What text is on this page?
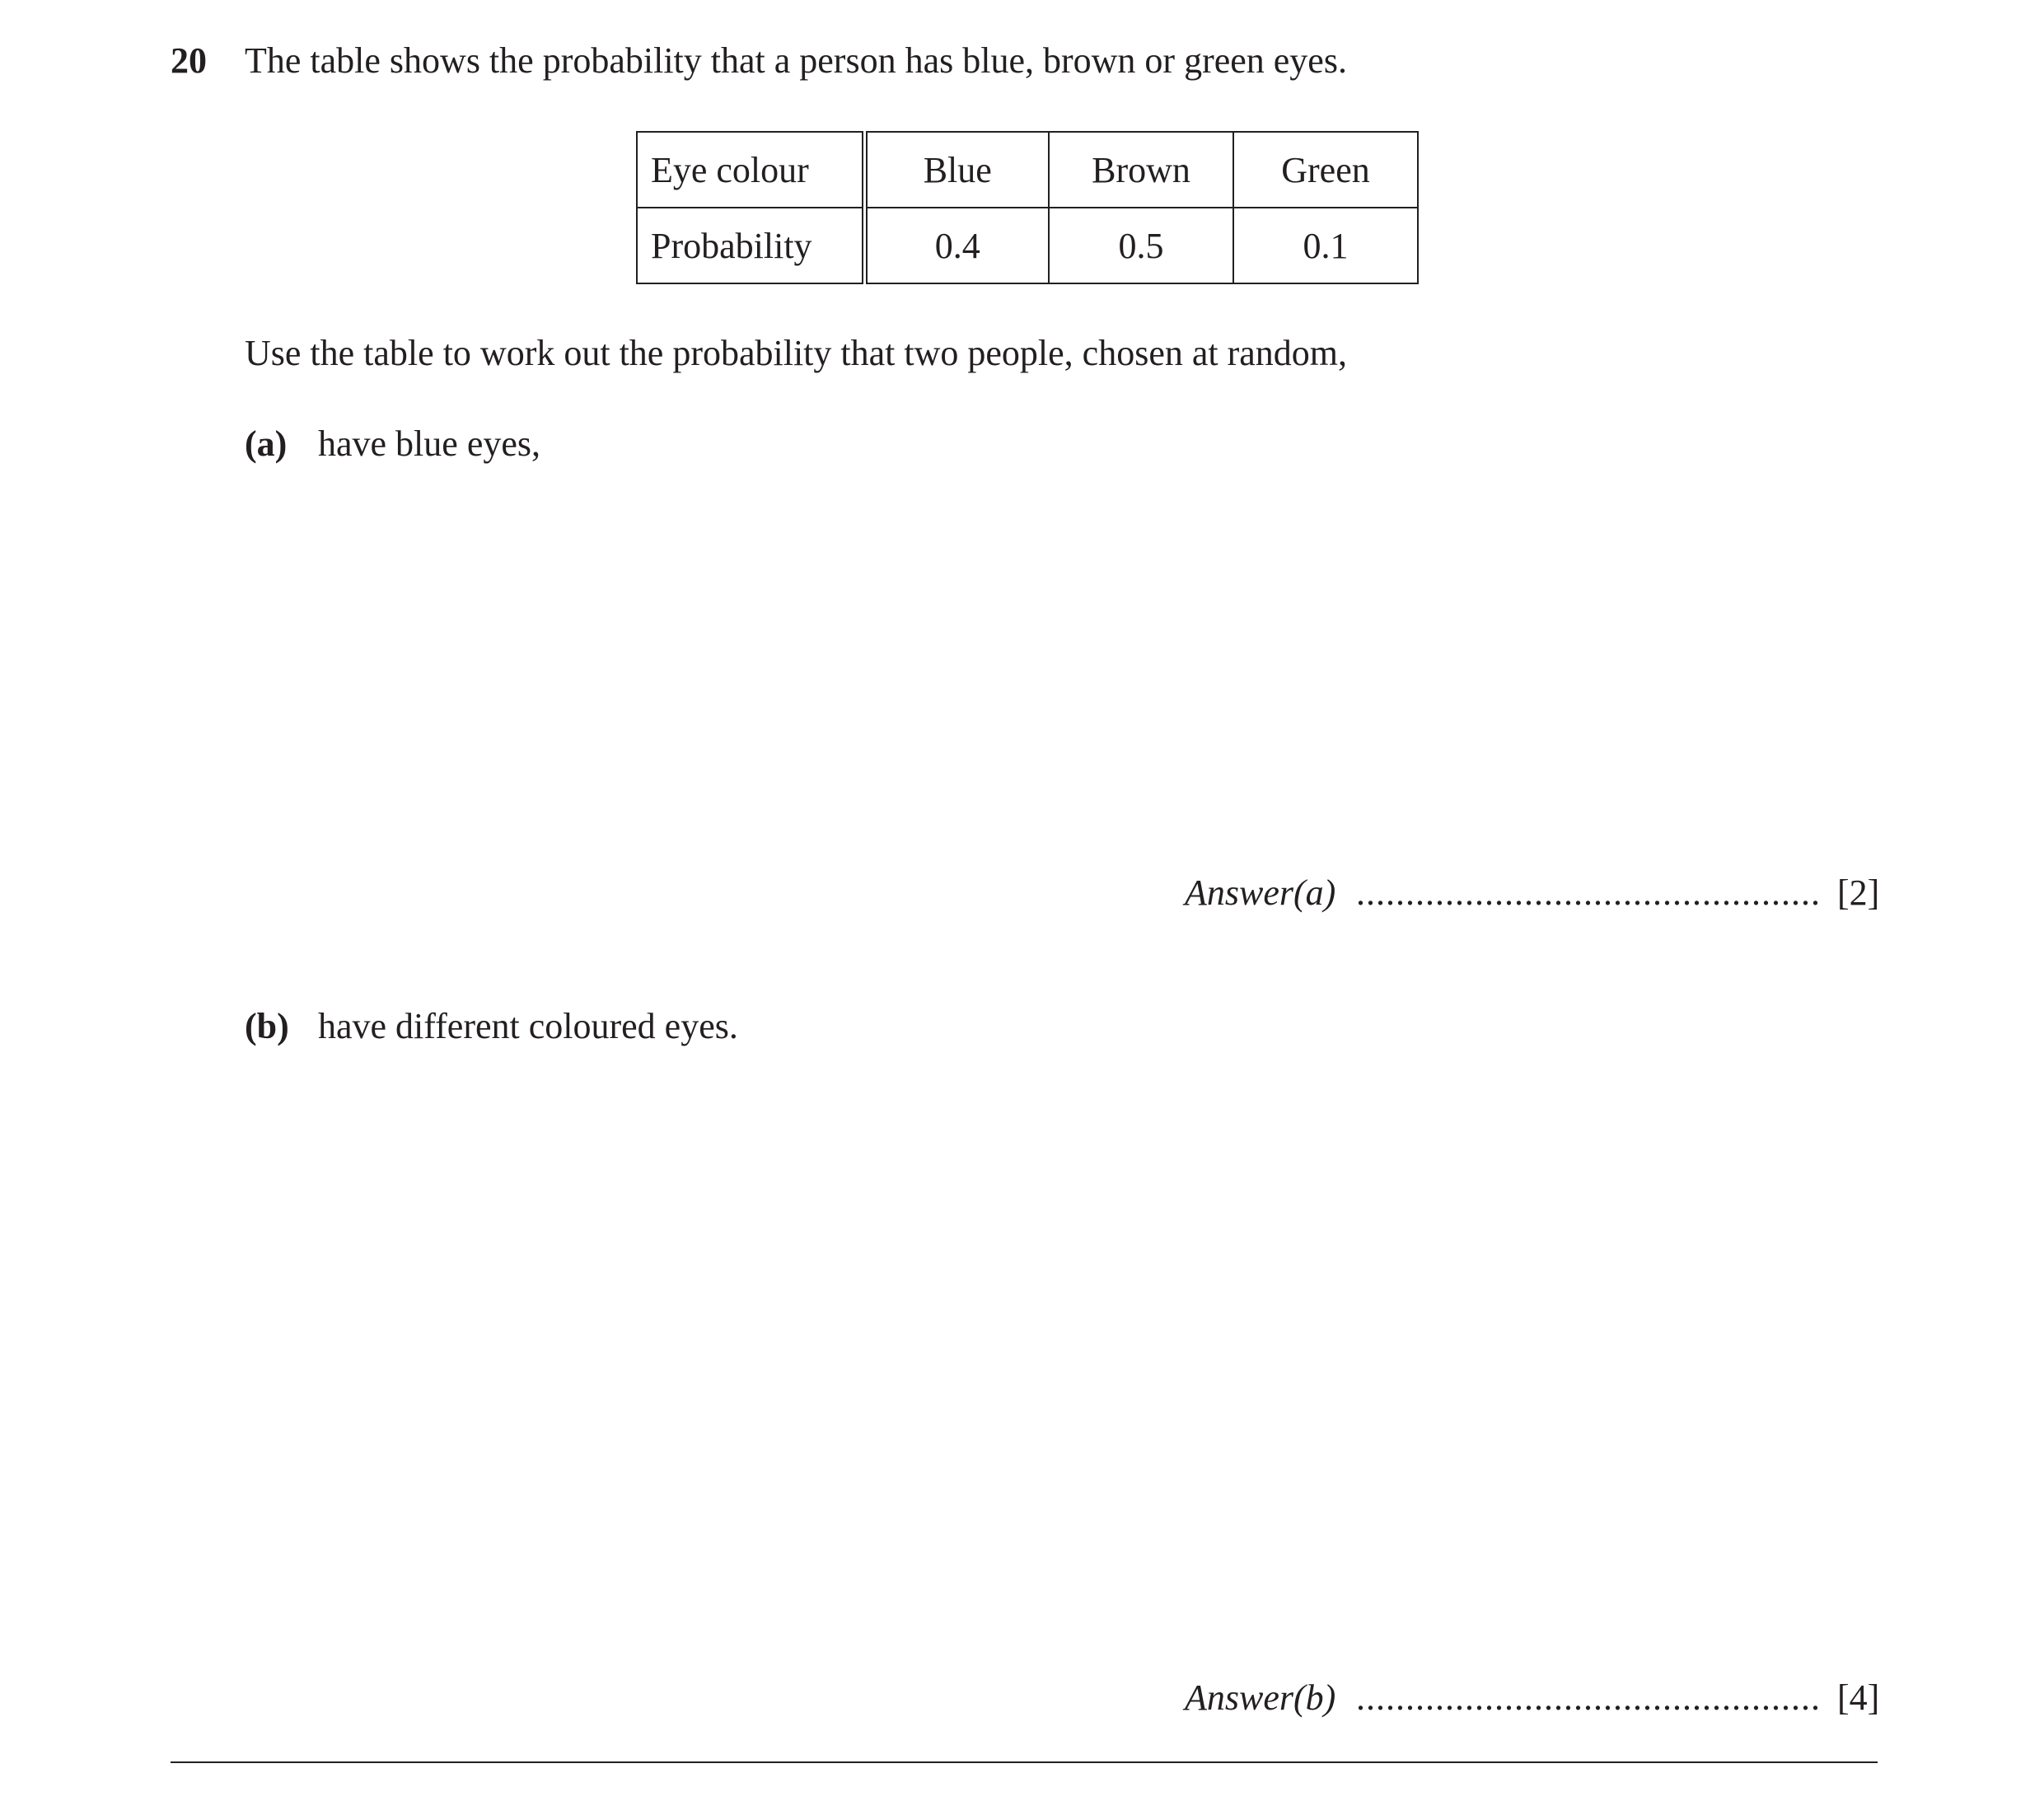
20 The table shows the probability that a person has blue, brown or green eyes.
Eye colour	Blue	Brown	Green
Probability	0.4	0.5	0.1
Use the table to work out the probability that two people, chosen at random,
(a) have blue eyes,
Answer(a) ............................................... [2]
(b) have different coloured eyes.
Answer(b) ............................................... [4]
